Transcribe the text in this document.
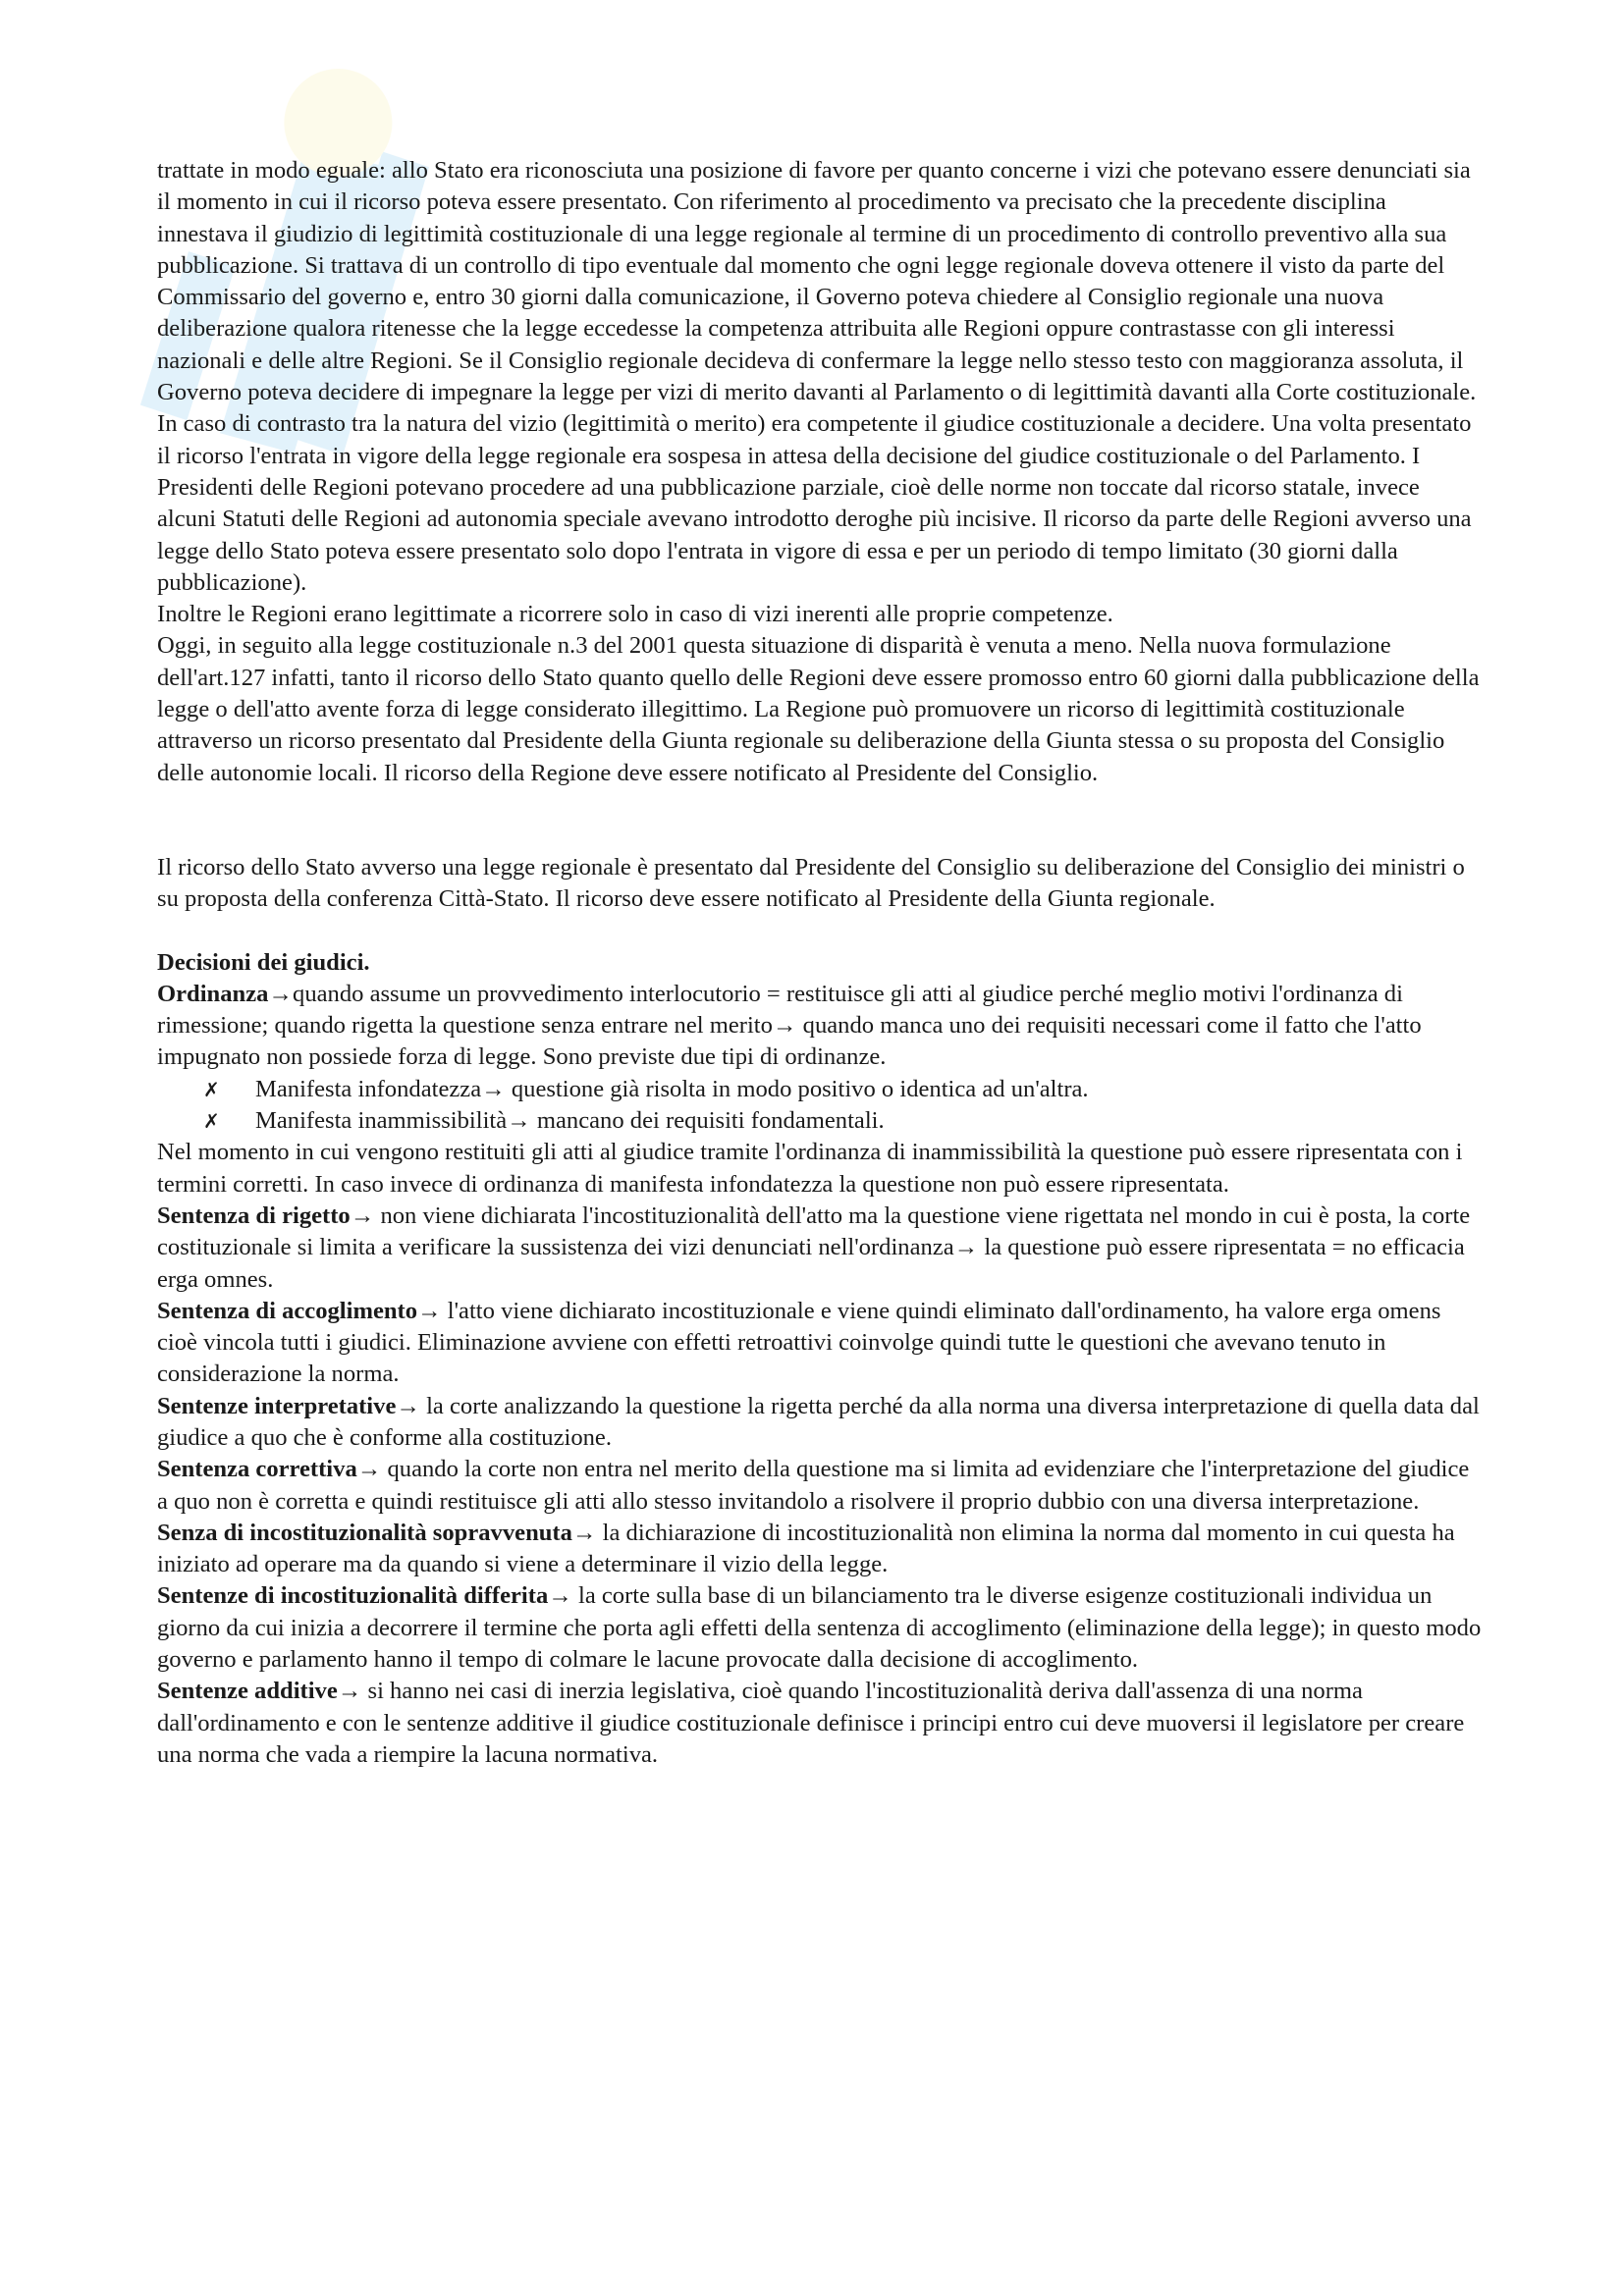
trattate in modo eguale: allo Stato era riconosciuta una posizione di favore per quanto concerne i vizi che potevano essere denunciati sia il momento in cui il ricorso poteva essere presentato. Con riferimento al procedimento va precisato che la precedente disciplina innestava il giudizio di legittimità costituzionale di una legge regionale al termine di un procedimento di controllo preventivo alla sua pubblicazione. Si trattava di un controllo di tipo eventuale dal momento che ogni legge regionale doveva ottenere il visto da parte del Commissario del governo e, entro 30 giorni dalla comunicazione, il Governo poteva chiedere al Consiglio regionale una nuova deliberazione qualora ritenesse che la legge eccedesse la competenza attribuita alle Regioni oppure contrastasse con gli interessi nazionali e delle altre Regioni. Se il Consiglio regionale decideva di confermare la legge nello stesso testo con maggioranza assoluta, il Governo poteva decidere di impegnare la legge per vizi di merito davanti al Parlamento o di legittimità davanti alla Corte costituzionale.

In caso di contrasto tra la natura del vizio (legittimità o merito) era competente il giudice costituzionale a decidere. Una volta presentato il ricorso l'entrata in vigore della legge regionale era sospesa in attesa della decisione del giudice costituzionale o del Parlamento. I Presidenti delle Regioni potevano procedere ad una pubblicazione parziale, cioè delle norme non toccate dal ricorso statale, invece alcuni Statuti delle Regioni ad autonomia speciale avevano introdotto deroghe più incisive. Il ricorso da parte delle Regioni avverso una legge dello Stato poteva essere presentato solo dopo l'entrata in vigore di essa e per un periodo di tempo limitato (30 giorni dalla pubblicazione).

Inoltre le Regioni erano legittimate a ricorrere solo in caso di vizi inerenti alle proprie competenze.

Oggi, in seguito alla legge costituzionale n.3 del 2001 questa situazione di disparità è venuta a meno. Nella nuova formulazione dell'art.127 infatti, tanto il ricorso dello Stato quanto quello delle Regioni deve essere promosso entro 60 giorni dalla pubblicazione della legge o dell'atto avente forza di legge considerato illegittimo. La Regione può promuovere un ricorso di legittimità costituzionale attraverso un ricorso presentato dal Presidente della Giunta regionale su deliberazione della Giunta stessa o su proposta del Consiglio delle autonomie locali. Il ricorso della Regione deve essere notificato al Presidente del Consiglio.

Il ricorso dello Stato avverso una legge regionale è presentato dal Presidente del Consiglio su deliberazione del Consiglio dei ministri o su proposta della conferenza Città-Stato. Il ricorso deve essere notificato al Presidente della Giunta regionale.

Decisioni dei giudici.

Ordinanza→quando assume un provvedimento interlocutorio = restituisce gli atti al giudice perché meglio motivi l'ordinanza di rimessione; quando rigetta la questione senza entrare nel merito→ quando manca uno dei requisiti necessari come il fatto che l'atto impugnato non possiede forza di legge. Sono previste due tipi di ordinanze.

✗ Manifesta infondatezza→ questione già risolta in modo positivo o identica ad un'altra.
✗ Manifesta inammissibilità→ mancano dei requisiti fondamentali.

Nel momento in cui vengono restituiti gli atti al giudice tramite l'ordinanza di inammissibilità la questione può essere ripresentata con i termini corretti. In caso invece di ordinanza di manifesta infondatezza la questione non può essere ripresentata.

Sentenza di rigetto→ non viene dichiarata l'incostituzionalità dell'atto ma la questione viene rigettata nel mondo in cui è posta, la corte costituzionale si limita a verificare la sussistenza dei vizi denunciati nell'ordinanza→ la questione può essere ripresentata = no efficacia erga omnes.

Sentenza di accoglimento→ l'atto viene dichiarato incostituzionale e viene quindi eliminato dall'ordinamento, ha valore erga omens cioè vincola tutti i giudici. Eliminazione avviene con effetti retroattivi coinvolge quindi tutte le questioni che avevano tenuto in considerazione la norma.

Sentenze interpretative→ la corte analizzando la questione la rigetta perché da alla norma una diversa interpretazione di quella data dal giudice a quo che è conforme alla costituzione.

Sentenza correttiva→ quando la corte non entra nel merito della questione ma si limita ad evidenziare che l'interpretazione del giudice a quo non è corretta e quindi restituisce gli atti allo stesso invitandolo a risolvere il proprio dubbio con una diversa interpretazione.

Senza di incostituzionalità sopravvenuta→ la dichiarazione di incostituzionalità non elimina la norma dal momento in cui questa ha iniziato ad operare ma da quando si viene a determinare il vizio della legge.

Sentenze di incostituzionalità differita→ la corte sulla base di un bilanciamento tra le diverse esigenze costituzionali individua un giorno da cui inizia a decorrere il termine che porta agli effetti della sentenza di accoglimento (eliminazione della legge); in questo modo governo e parlamento hanno il tempo di colmare le lacune provocate dalla decisione di accoglimento.

Sentenze additive→ si hanno nei casi di inerzia legislativa, cioè quando l'incostituzionalità deriva dall'assenza di una norma dall'ordinamento e con le sentenze additive il giudice costituzionale definisce i principi entro cui deve muoversi il legislatore per creare una norma che vada a riempire la lacuna normativa.
